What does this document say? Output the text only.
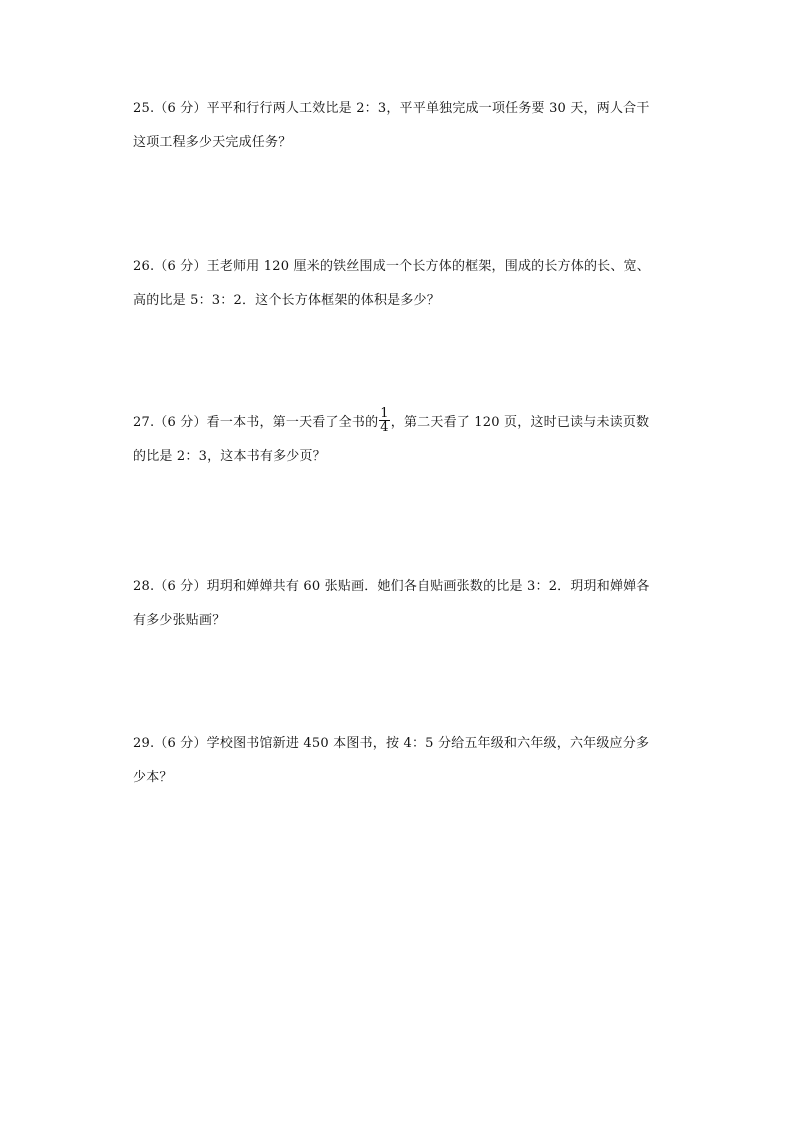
25.（6 分）平平和行行两人工效比是 2：3，平平单独完成一项任务要 30 天，两人合干
这项工程多少天完成任务？
26.（6 分）王老师用 120 厘米的铁丝围成一个长方体的框架，围成的长方体的长、宽、
高的比是 5：3：2．这个长方体框架的体积是多少？
27.（6 分）看一本书，第一天看了全书的 $\frac{1}{4}$ ，第二天看了 120 页，这时已读与未读页数
的比是 2：3，这本书有多少页？
28.（6 分）玥玥和婵婵共有 60 张贴画．她们各自贴画张数的比是 3：2．玥玥和婵婵各
有多少张贴画？
29.（6 分）学校图书馆新进 450 本图书，按 4：5 分给五年级和六年级，六年级应分多
少本？
